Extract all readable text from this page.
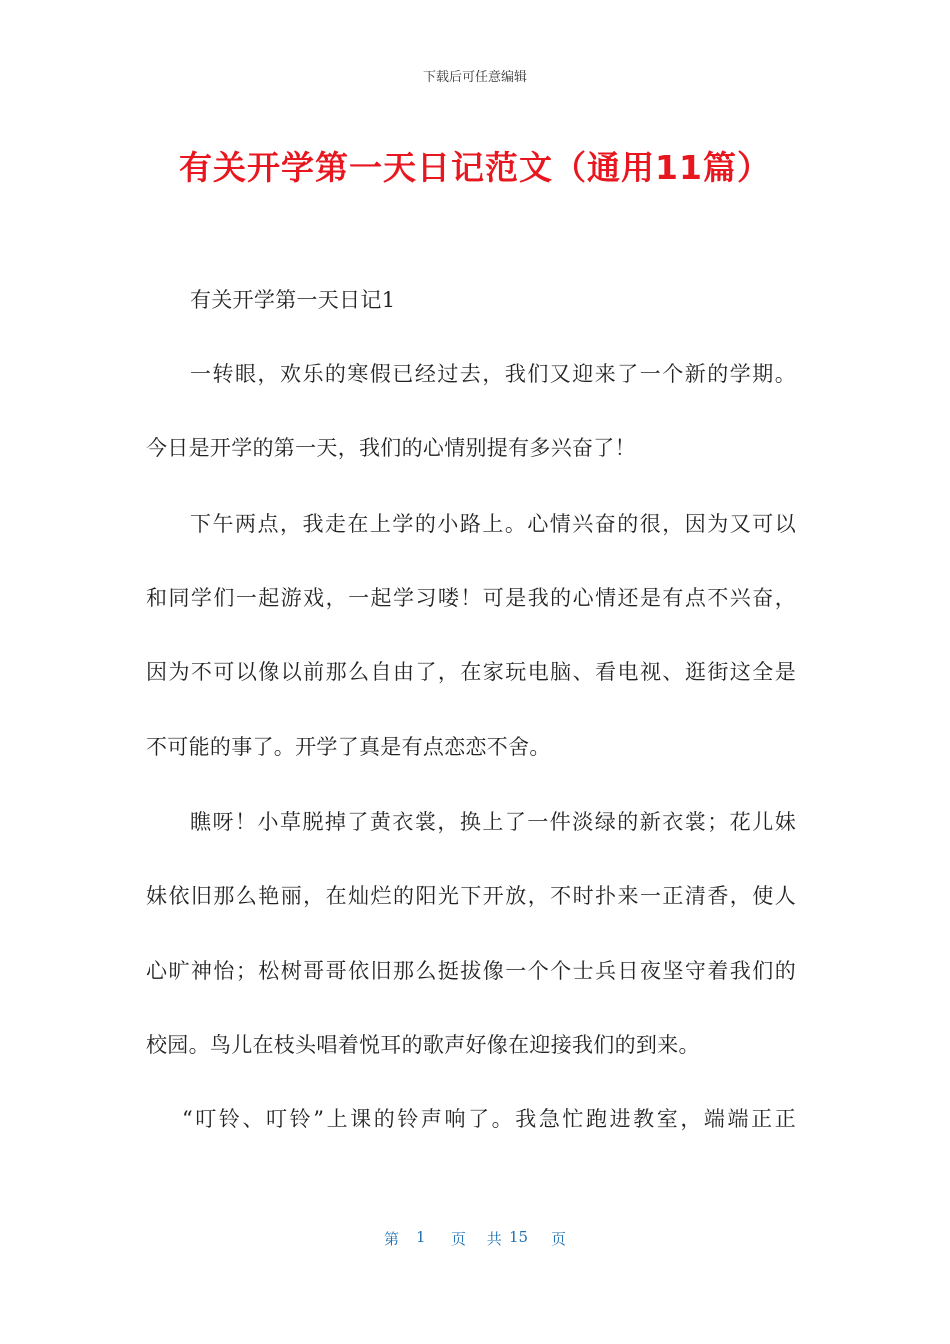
下载后可任意编辑
有关开学第一天日记范文（通用11篇）
有关开学第一天日记1
一转眼，欢乐的寒假已经过去，我们又迎来了一个新的学期。
今日是开学的第一天，我们的心情别提有多兴奋了！
下午两点，我走在上学的小路上。心情兴奋的很，因为又可以
和同学们一起游戏，一起学习喽！可是我的心情还是有点不兴奋，
因为不可以像以前那么自由了，在家玩电脑、看电视、逛街这全是
不可能的事了。开学了真是有点恋恋不舍。
瞧呀！小草脱掉了黄衣裳，换上了一件淡绿的新衣裳；花儿妹
妹依旧那么艳丽，在灿烂的阳光下开放，不时扑来一正清香，使人
心旷神怡；松树哥哥依旧那么挺拔像一个个士兵日夜坚守着我们的
校园。鸟儿在枝头唱着悦耳的歌声好像在迎接我们的到来。
“叮铃、叮铃”上课的铃声响了。我急忙跑进教室，端端正正
第 1 页 共 15 页
